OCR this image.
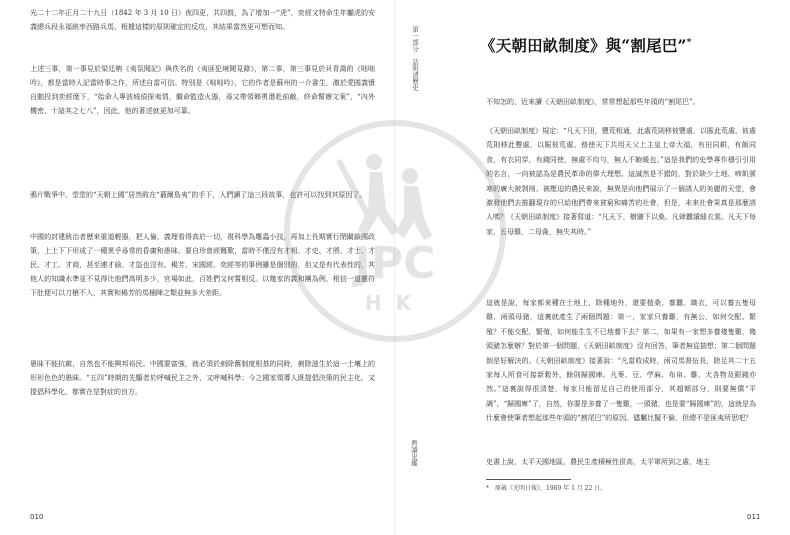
光二十二年正月二十九日（1842 年 3 月 10 日）夜四更，共四鼓，為了增加一“虎”，奕經又特命生年屬虎的安義總兵段永福統率西路兵馬，根據這樣的原則確定的反攻，其結果當然更可想而知。

上述三事，第一事見於梁廷柟《夷氛聞記》與佚名的《夷匪犯境聞見錄》，第二事，第三事見於貝青喬的《咄咄吟》，都是當時人記當時事之作，所述自當可信。特別是《咄咄吟》，它的作者是蘇州的一介書生，激於愛國義憤自動投到奕經麾下，“始命入專波城偵探夷情，繼命監造火器，尋又帶領鄉勇潛赴前敵，終命幫辦文案”，“內外機密，十諳其之七八”，因此，他的著述就更加可靠。

鴉片戰爭中，堂堂的“天朝上國”居然敗在“蕞爾島夷”的手下，人們讀了這三段故事，也許可以找到其原因了。

中國的封建統治者歷來重道輕器，把人倫、義理看得高於一切，視科學為雕蟲小技，再加上長期實行閉關鎖國政策，上上下下形成了一種異乎尋常的昏庸和愚昧。要自珍曾經慨歎，當時不僅沒有才相、才史、才將、才士、才民、才工、才商，甚至連才偷、才盜也沒有。楊芳、宋國經、奕經等的事例雖是個別的，但又是有代表性的，其他人的知識水準並不見得比他們高明多少，官場如此，百姓們又何嘗相反。以幾家的義和團為例，相信一道靈符下肚便可以刀槍不入，其實和楊芳的馬桶陣之類並無多大差距。

愚昧不能抗敵，自然也不能興邦裕民。中國要富強，就必須於剷除舊制度根基的同時，剷除滋生於這一土壤上的形形色色的愚昧。“五四”時期的先驅者於呼喊民主之外，又呼喊科學；今之國家領導人既提倡決策的民主化，又提倡科學化，都實在是對症的良方。

010
第一部分　話明清歷史
暫讀史鑑
《天朝田畝制度》與“割尾巴”*

不知怎的，近來讀《天朝田畝制度》，常常想起那些年頭的“割尾巴”。

《天朝田畝制度》規定：“凡天下田，豐荒相通，此處荒則移彼豐處，以賑此荒處，彼處荒則移此豐處，以賑彼荒處。務使天下共用天父上主皇上帝大福，有田同耕，有飯同食，有衣同穿，有錢同使，無處不均勻，無人不飽暖也。”這是我們的史學專作穩引引用的名言，一向被認為是農民革命的偉大理想。這誠然是不錯的，對於缺少土地、啼飢號寒的廣大被剝削、被壓迫的農民來說，無異是向他們展示了一個誘人的美麗的天堂，會激發他們去推翻現存的只給他們帶來貧窮和痛苦的社會，但是，未來社會果真是那麼誘人嗎？《天朝田畝制度》接著寫道：“凡天下，樹牆下以桑。凡婦蠶績縫衣裳。凡天下每家，五母雞，二母彘，無失其時。”

這就是說，每家都來種在土地上，除種地外，還要植桑、養蠶、織衣，可以養五隻母雞，兩頭母豬，這裏就產生了兩個問題：第一，家家只養雞，有無公，如何交配、繁殖？不能交配，繁殖，如何能生生不已地養下去？第二，如果有一家想多養幾隻雞，幾頭豬怎麼辦？對於第一個問題，《天朝田畝制度》沒有回答，筆者無從揣想；第二個問題倒是好解決的。《天朝田畝制度》接著說：“凡當收成時，兩司馬督伍長，除足其二十五家每人所食可接新穀外，餘則歸國庫。凡麥、豆、苧麻、布帛、雞、犬各物及銀錢亦然。”這裏說得很清楚，每家只能留足自己的使用部分，其超額部分，則要無償“平調”，“歸國庫”了，自然，你要是多養了一隻雞，一頭豬，也是要“歸國庫”的，這就是為什麼會使筆者想起那些年頭的“割尾巴”的原因。儘屬比擬不倫，但總不是匪夷所思吧？

史書上說，太平天國地區，農民生產積極性很高，太平軍所到之處，地主

*　原載《光明日報》，1989 年 1 月 22 日。
011
JPC
HK
